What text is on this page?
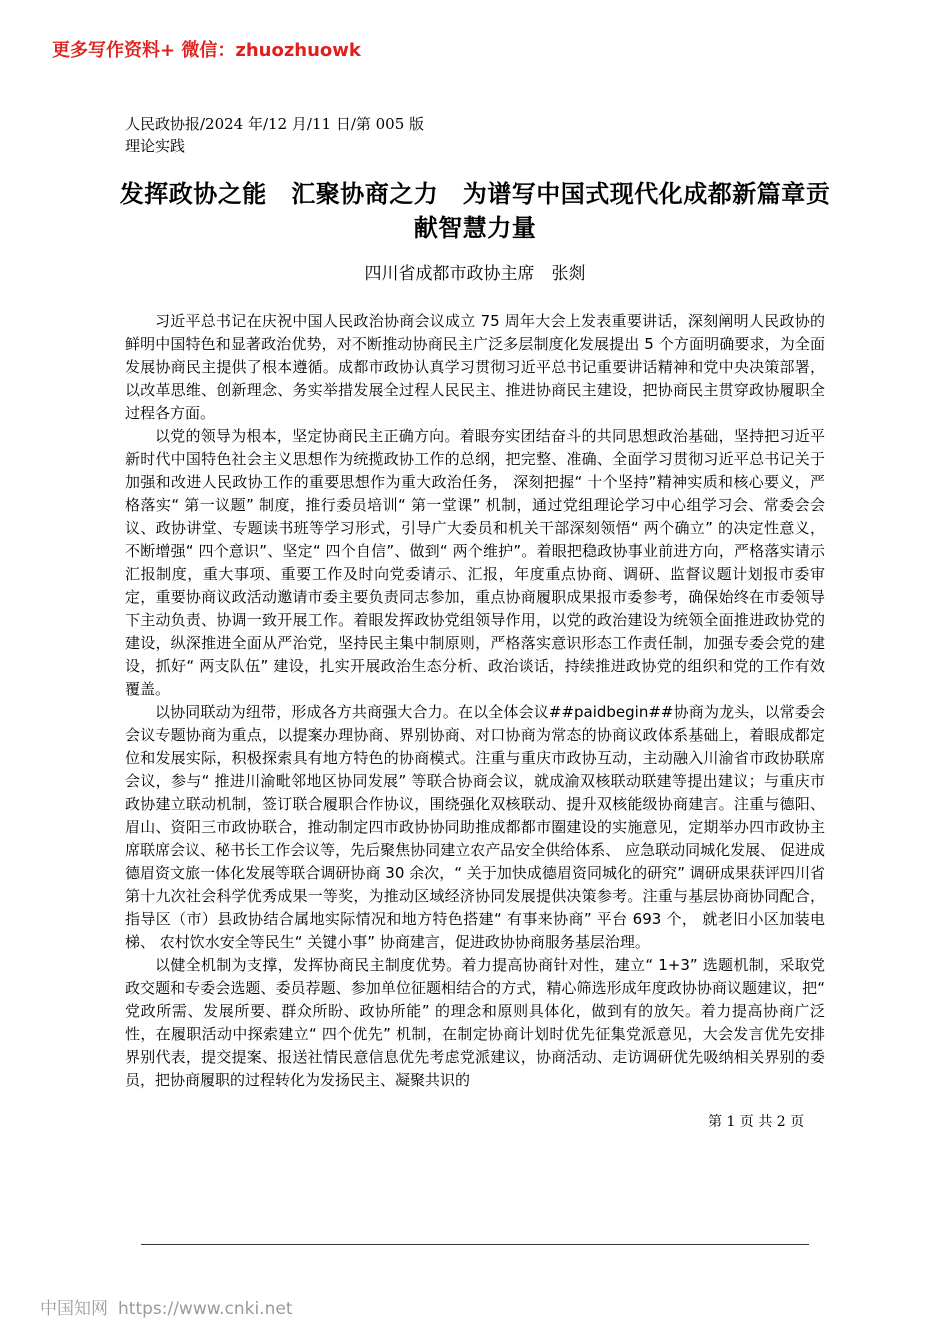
更多写作资料+ 微信：zhuozhuowk
人民政协报/2024 年/12 月/11 日/第 005 版理论实践
发挥政协之能　汇聚协商之力　为谱写中国式现代化成都新篇章贡献智慧力量
四川省成都市政协主席　张剡

习近平总书记在庆祝中国人民政治协商会议成立 75 周年大会上发表重要讲话，深刻阐明人民政协的鲜明中国特色和显著政治优势，对不断推动协商民主广泛多层制度化发展提出 5 个方面明确要求，为全面发展协商民主提供了根本遵循。成都市政协认真学习贯彻习近平总书记重要讲话精神和党中央决策部署，以改革思维、创新理念、务实举措发展全过程人民民主、推进协商民主建设，把协商民主贯穿政协履职全过程各方面。

以党的领导为根本，坚定协商民主正确方向。着眼夯实团结奋斗的共同思想政治基础，坚持把习近平新时代中国特色社会主义思想作为统揽政协工作的总纲，把完整、准确、全面学习贯彻习近平总书记关于加强和改进人民政协工作的重要思想作为重大政治任务， 深刻把握“ 十个坚持”精神实质和核心要义，严格落实“ 第一议题” 制度，推行委员培训“ 第一堂课” 机制，通过党组理论学习中心组学习会、常委会会议、政协讲堂、专题读书班等学习形式，引导广大委员和机关干部深刻领悟“ 两个确立” 的决定性意义，不断增强“ 四个意识”、坚定“ 四个自信”、做到“ 两个维护”。着眼把稳政协事业前进方向，严格落实请示汇报制度，重大事项、重要工作及时向党委请示、汇报，年度重点协商、调研、监督议题计划报市委审定，重要协商议政活动邀请市委主要负责同志参加，重点协商履职成果报市委参考，确保始终在市委领导下主动负责、协调一致开展工作。着眼发挥政协党组领导作用，以党的政治建设为统领全面推进政协党的建设，纵深推进全面从严治党，坚持民主集中制原则，严格落实意识形态工作责任制，加强专委会党的建设，抓好“ 两支队伍” 建设，扎实开展政治生态分析、政治谈话，持续推进政协党的组织和党的工作有效覆盖。

以协同联动为纽带，形成各方共商强大合力。在以全体会议##paidbegin##协商为龙头，以常委会会议专题协商为重点，以提案办理协商、界别协商、对口协商为常态的协商议政体系基础上，着眼成都定位和发展实际，积极探索具有地方特色的协商模式。注重与重庆市政协互动，主动融入川渝省市政协联席会议，参与“ 推进川渝毗邻地区协同发展” 等联合协商会议，就成渝双核联动联建等提出建议；与重庆市政协建立联动机制，签订联合履职合作协议，围绕强化双核联动、提升双核能级协商建言。注重与德阳、眉山、资阳三市政协联合，推动制定四市政协协同助推成都都市圈建设的实施意见，定期举办四市政协主席联席会议、秘书长工作会议等，先后聚焦协同建立农产品安全供给体系、 应急联动同城化发展、 促进成德眉资文旅一体化发展等联合调研协商 30 余次，“ 关于加快成德眉资同城化的研究” 调研成果获评四川省第十九次社会科学优秀成果一等奖，为推动区域经济协同发展提供决策参考。注重与基层协商协同配合，指导区（市）县政协结合属地实际情况和地方特色搭建“ 有事来协商” 平台 693 个， 就老旧小区加装电梯、 农村饮水安全等民生“ 关键小事” 协商建言，促进政协协商服务基层治理。

以健全机制为支撑，发挥协商民主制度优势。着力提高协商针对性，建立“ 1+3” 选题机制，采取党政交题和专委会选题、委员荐题、参加单位征题相结合的方式，精心筛选形成年度政协协商议题建议，把“ 党政所需、发展所要、群众所盼、政协所能” 的理念和原则具体化，做到有的放矢。着力提高协商广泛性，在履职活动中探索建立“ 四个优先” 机制，在制定协商计划时优先征集党派意见，大会发言优先安排界别代表，提交提案、报送社情民意信息优先考虑党派建议，协商活动、走访调研优先吸纳相关界别的委员，把协商履职的过程转化为发扬民主、凝聚共识的

第 1 页 共 2 页
中国知网 https://www.cnki.net
